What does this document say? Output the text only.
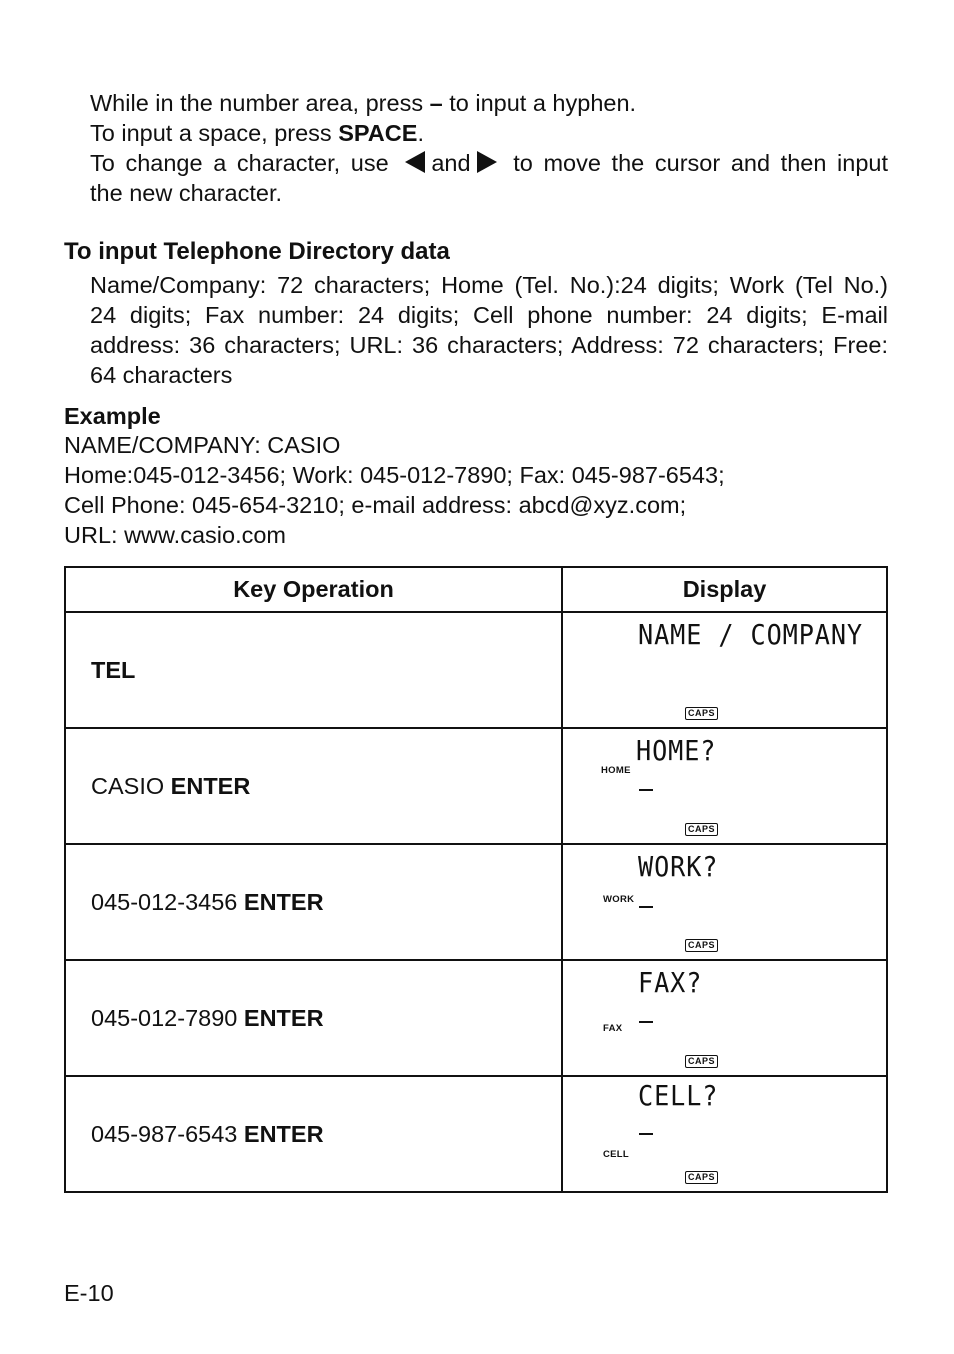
While in the number area, press – to input a hyphen.
To input a space, press SPACE.
To change a character, use and to move the cursor and then input
the new character.
To input Telephone Directory data
Name/Company: 72 characters; Home (Tel. No.):24 digits; Work (Tel No.)
24 digits; Fax number: 24 digits; Cell phone number: 24 digits; E-mail
address: 36 characters; URL: 36 characters; Address: 72 characters; Free:
64 characters
Example
NAME/COMPANY: CASIO
Home:045-012-3456; Work: 045-012-7890; Fax: 045-987-6543;
Cell Phone: 045-654-3210; e-mail address: abcd@xyz.com;
URL: www.casio.com
Key Operation	Display
TEL	NAME / COMPANY
CAPS

CASIO ENTER	HOME?
HOME
CAPS

045-012-3456 ENTER	WORK?
WORK
CAPS

045-012-7890 ENTER	FAX?
FAX
CAPS

045-987-6543 ENTER	CELL?
CELL
CAPS
E-10
